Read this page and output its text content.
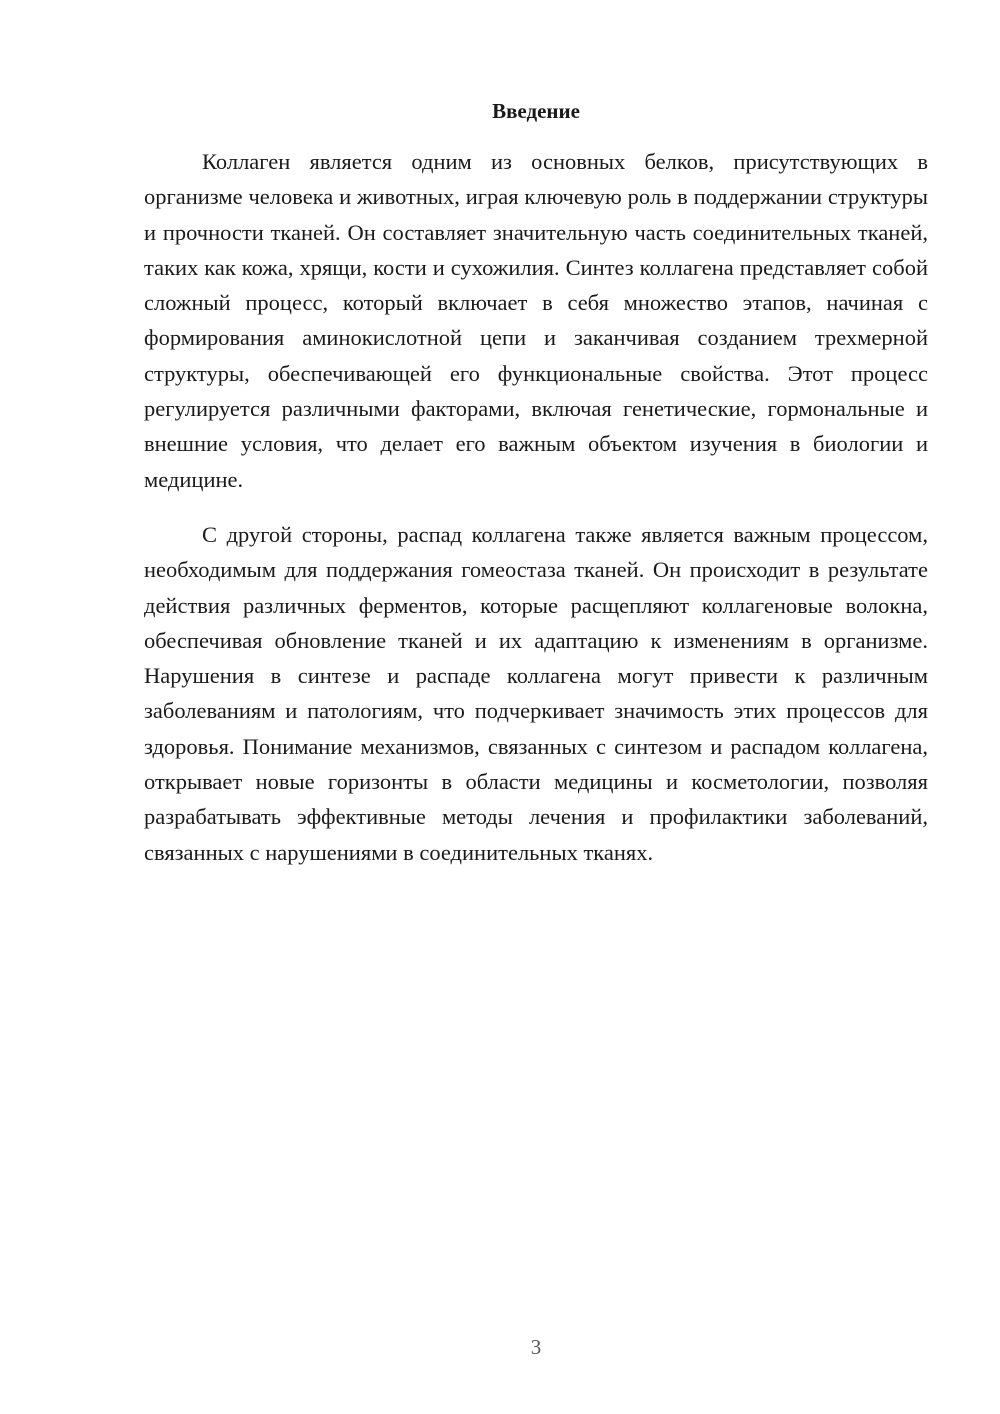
Введение

Коллаген является одним из основных белков, присутствующих в организме человека и животных, играя ключевую роль в поддержании структуры и прочности тканей. Он составляет значительную часть соединительных тканей, таких как кожа, хрящи, кости и сухожилия. Синтез коллагена представляет собой сложный процесс, который включает в себя множество этапов, начиная с формирования аминокислотной цепи и заканчивая созданием трехмерной структуры, обеспечивающей его функциональные свойства. Этот процесс регулируется различными факторами, включая генетические, гормональные и внешние условия, что делает его важным объектом изучения в биологии и медицине.

С другой стороны, распад коллагена также является важным процессом, необходимым для поддержания гомеостаза тканей. Он происходит в результате действия различных ферментов, которые расщепляют коллагеновые волокна, обеспечивая обновление тканей и их адаптацию к изменениям в организме. Нарушения в синтезе и распаде коллагена могут привести к различным заболеваниям и патологиям, что подчеркивает значимость этих процессов для здоровья. Понимание механизмов, связанных с синтезом и распадом коллагена, открывает новые горизонты в области медицины и косметологии, позволяя разрабатывать эффективные методы лечения и профилактики заболеваний, связанных с нарушениями в соединительных тканях.

3
